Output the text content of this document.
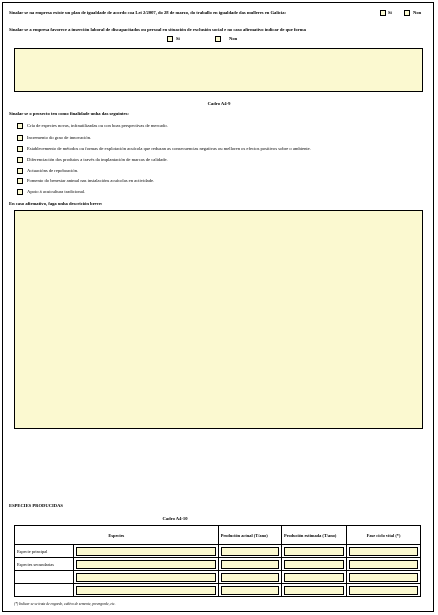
Sinalar se na empresa existe un plan de igualdade de acordo coa Lei 2/2007, do 28 de marzo, do traballo en igualdade das mulleres en Galicia:	Si	Non
Sinalar se a empresa favorece a inserción laboral de discapacitados ou persoal en situación de exclusión social e no caso afirmativo indicar de que forma
Si	Non
Cadro A4-9
Sinalar se o proxecto ten como finalidade unha das seguintes:
Cría de especies novas, infrautilizadas ou con boas perspectivas de mercado.
Incremento do grao de innovación.
Establecemento de métodos ou formas de explotación acuícola que reduzan as consecuencias negativas ou melloren os efectos positivos sobre o ambiente.
Diferenciación dos produtos a través da implantación de marcas de calidade.
Actuacións de repoboación.
Fomento do benestar animal nas instalacións acuícolas en actividade.
Apoio á acuicultura tradicional.
En caso afirmativo, faga unha descrición breve:
ESPECIES PRODUCIDAS
Cadro A4-10
Especies		Produción actual (T/ano)	Produción estimada (T/ano)	Fase ciclo vital (*)
Especie principal	

Especies secundarias	

(*) Indicar se se trata de engorde, cultivo de semente, preengorde, etc.
